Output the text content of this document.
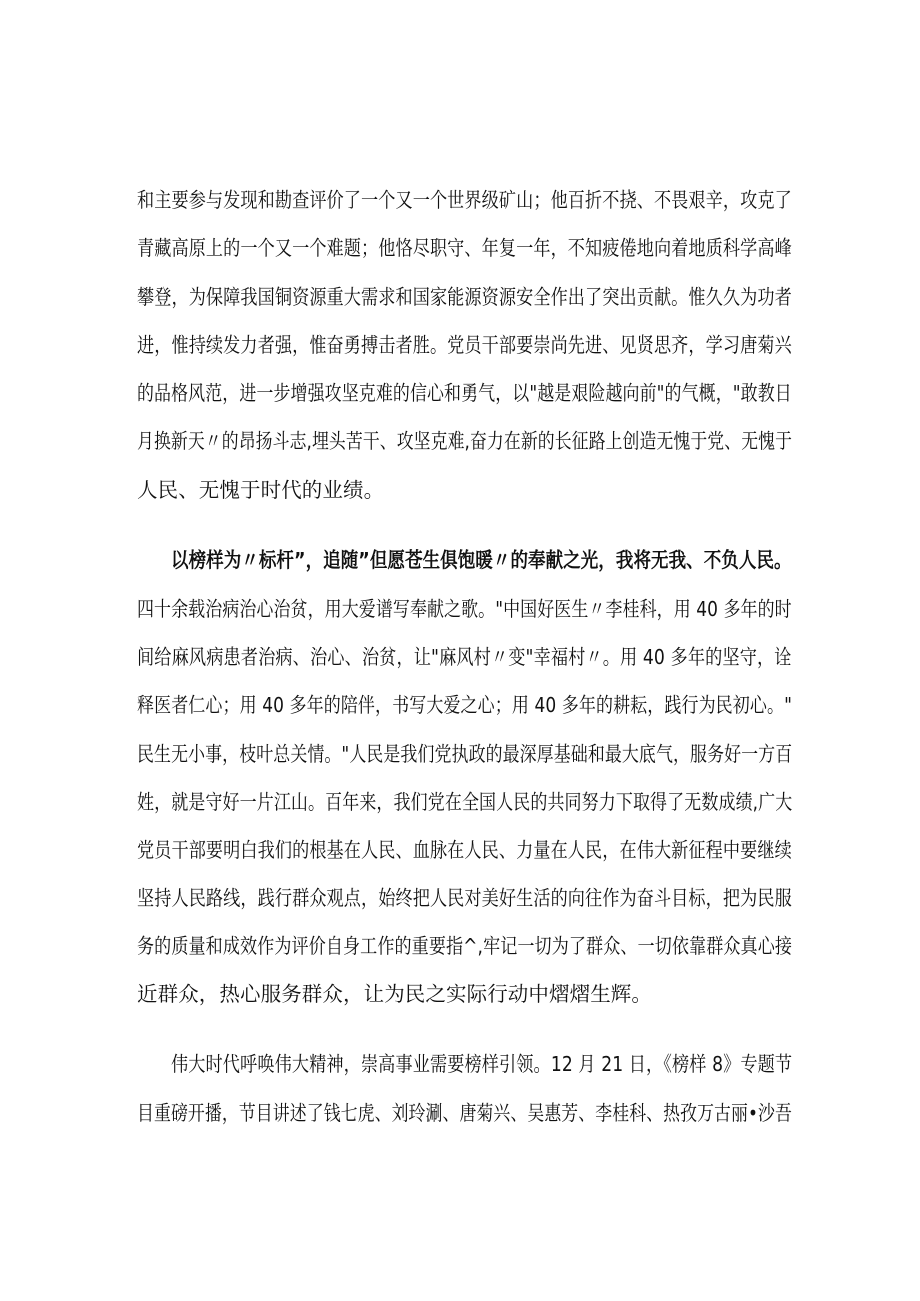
和主要参与发现和勘查评价了一个又一个世界级矿山；他百折不挠、不畏艰辛，攻克了
青藏高原上的一个又一个难题；他恪尽职守、年复一年，不知疲倦地向着地质科学高峰
攀登，为保障我国铜资源重大需求和国家能源资源安全作出了突出贡献。惟久久为功者
进，惟持续发力者强，惟奋勇搏击者胜。党员干部要崇尚先进、见贤思齐，学习唐菊兴
的品格风范，进一步增强攻坚克难的信心和勇气，以"越是艰险越向前"的气概，"敢教日
月换新天〃的昂扬斗志,埋头苦干、攻坚克难,奋力在新的长征路上创造无愧于党、无愧于
人民、无愧于时代的业绩。
以榜样为〃标杆”，追随”但愿苍生俱饱暖〃的奉献之光，我将无我、不负人民。
四十余载治病治心治贫，用大爱谱写奉献之歌。"中国好医生〃李桂科，用 40 多年的时
间给麻风病患者治病、治心、治贫，让"麻风村〃变"幸福村〃。用 40 多年的坚守，诠
释医者仁心；用 40 多年的陪伴，书写大爱之心；用 40 多年的耕耘，践行为民初心。"
民生无小事，枝叶总关情。"人民是我们党执政的最深厚基础和最大底气，服务好一方百
姓，就是守好一片江山。百年来，我们党在全国人民的共同努力下取得了无数成绩,广大
党员干部要明白我们的根基在人民、血脉在人民、力量在人民，在伟大新征程中要继续
坚持人民路线，践行群众观点，始终把人民对美好生活的向往作为奋斗目标，把为民服
务的质量和成效作为评价自身工作的重要指^,牢记一切为了群众、一切依靠群众真心接
近群众，热心服务群众，让为民之实际行动中熠熠生辉。
伟大时代呼唤伟大精神，崇高事业需要榜样引领。12 月 21 日，《榜样 8》专题节
目重磅开播，节目讲述了钱七虎、刘玲涮、唐菊兴、吴惠芳、李桂科、热孜万古丽•沙吾
